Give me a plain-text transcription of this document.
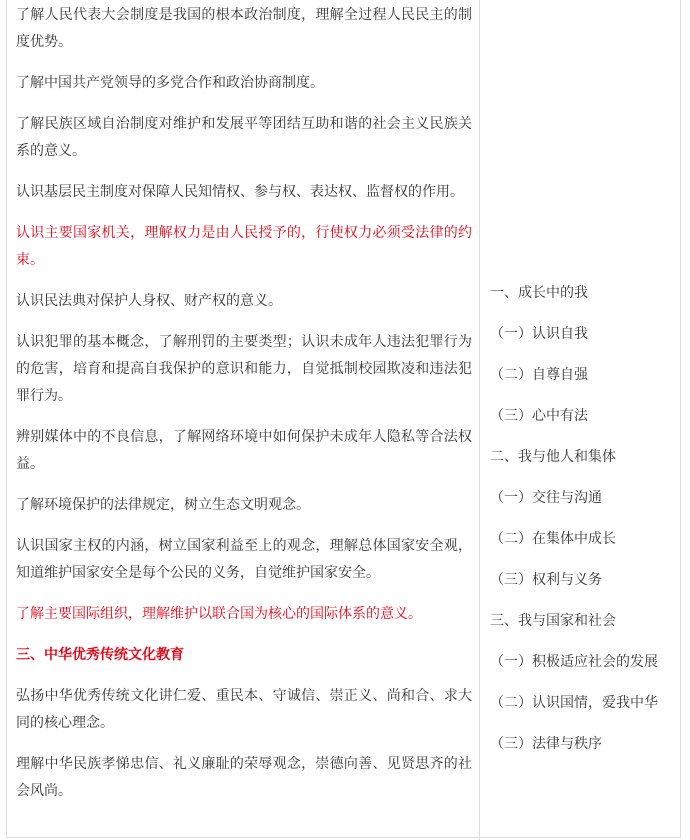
了解人民代表大会制度是我国的根本政治制度，理解全过程人民民主的制度优势。

了解中国共产党领导的多党合作和政治协商制度。

了解民族区域自治制度对维护和发展平等团结互助和谐的社会主义民族关系的意义。

认识基层民主制度对保障人民知情权、参与权、表达权、监督权的作用。

认识主要国家机关，理解权力是由人民授予的，行使权力必须受法律的约束。

认识民法典对保护人身权、财产权的意义。

认识犯罪的基本概念，了解刑罚的主要类型；认识未成年人违法犯罪行为的危害，培育和提高自我保护的意识和能力，自觉抵制校园欺凌和违法犯罪行为。

辨别媒体中的不良信息，了解网络环境中如何保护未成年人隐私等合法权益。

了解环境保护的法律规定，树立生态文明观念。

认识国家主权的内涵，树立国家利益至上的观念，理解总体国家安全观，知道维护国家安全是每个公民的义务，自觉维护国家安全。

了解主要国际组织，理解维护以联合国为核心的国际体系的意义。

三、中华优秀传统文化教育

弘扬中华优秀传统文化讲仁爱、重民本、守诚信、崇正义、尚和合、求大同的核心理念。

理解中华民族孝悌忠信、礼义廉耻的荣辱观念，崇德向善、见贤思齐的社会风尚。

一、成长中的我

（一）认识自我

（二）自尊自强

（三）心中有法

二、我与他人和集体

（一）交往与沟通

（二）在集体中成长

（三）权利与义务

三、我与国家和社会

（一）积极适应社会的发展

（二）认识国情，爱我中华

（三）法律与秩序
